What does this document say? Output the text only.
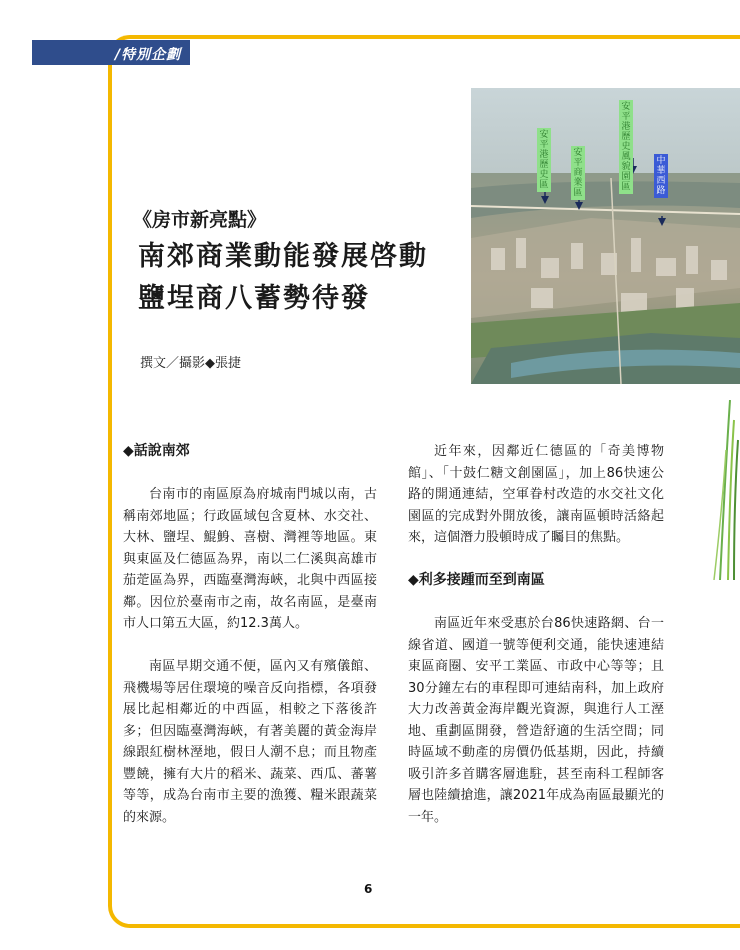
/特別企劃
安平港歷史風貌園區
安平港歷史區
安平商業區
中華西路
《房市新亮點》
南郊商業動能發展啓動
鹽埕商八蓄勢待發
撰文／攝影◆張捷
◆話說南郊

台南市的南區原為府城南門城以南，古稱南郊地區；行政區域包含夏林、水交社、大林、鹽埕、鯤鯓、喜樹、灣裡等地區。東與東區及仁德區為界，南以二仁溪與高雄市茄萣區為界，西臨臺灣海峽，北與中西區接鄰。因位於臺南市之南，故名南區，是臺南市人口第五大區，約12.3萬人。

南區早期交通不便，區內又有殯儀館、飛機場等居住環境的噪音反向指標，各項發展比起相鄰近的中西區，相較之下落後許多；但因臨臺灣海峽，有著美麗的黃金海岸線跟紅樹林溼地，假日人潮不息；而且物產豐饒，擁有大片的稻米、蔬菜、西瓜、蕃薯等等，成為台南市主要的漁獲、糧米跟蔬菜的來源。

近年來，因鄰近仁德區的「奇美博物館」、「十鼓仁糖文創園區」，加上86快速公路的開通連結，空軍眷村改造的水交社文化園區的完成對外開放後，讓南區頓時活絡起來，這個潛力股頓時成了矚目的焦點。

◆利多接踵而至到南區

南區近年來受惠於台86快速路網、台一線省道、國道一號等便利交通，能快速連結東區商圈、安平工業區、市政中心等等；且30分鐘左右的車程即可連結南科，加上政府大力改善黃金海岸觀光資源，與進行人工溼地、重劃區開發，營造舒適的生活空間；同時區域不動產的房價仍低基期，因此，持續吸引許多首購客層進駐，甚至南科工程師客層也陸續搶進，讓2021年成為南區最顯光的一年。

6
